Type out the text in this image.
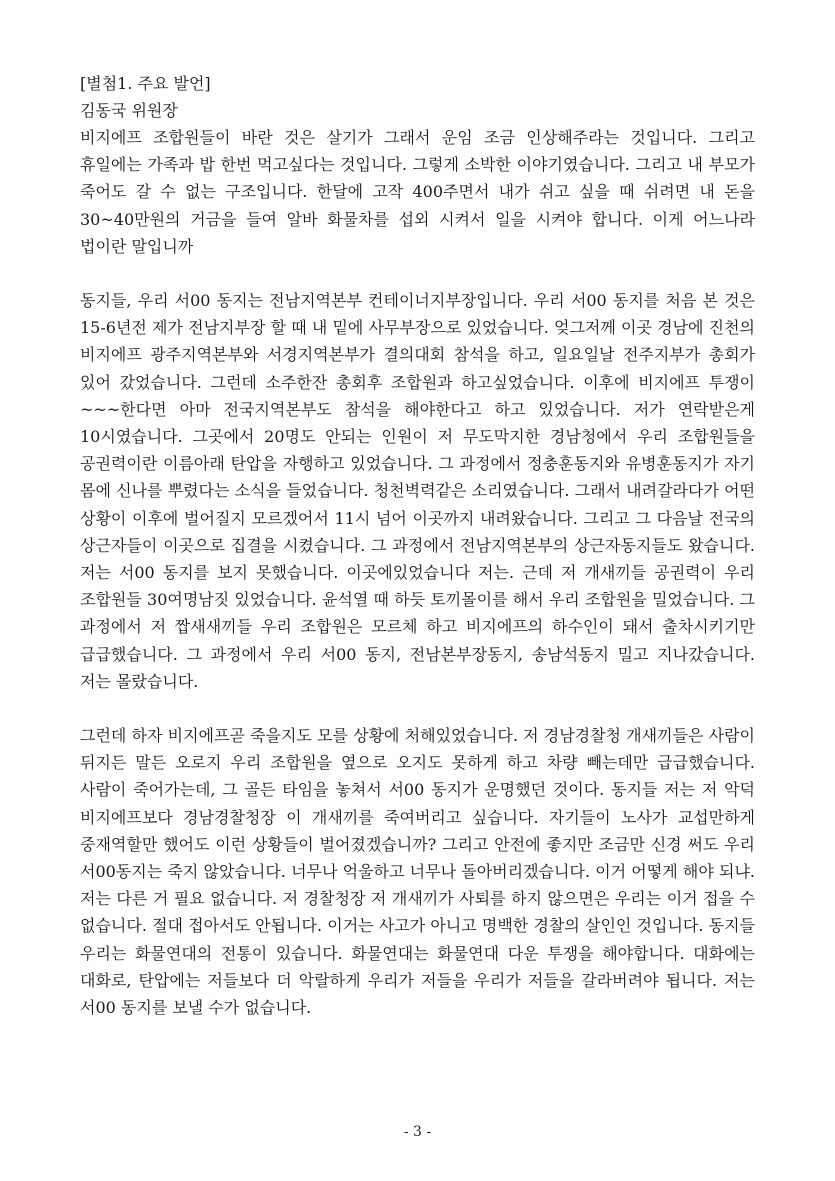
[별첨1. 주요 발언]

김동국 위원장

비지에프 조합원들이 바란 것은 살기가 그래서 운임 조금 인상해주라는 것입니다. 그리고 휴일에는 가족과 밥 한번 먹고싶다는 것입니다. 그렇게 소박한 이야기였습니다. 그리고 내 부모가 죽어도 갈 수 없는 구조입니다. 한달에 고작 400주면서 내가 쉬고 싶을 때 쉬려면 내 돈을 30~40만원의 거금을 들여 알바 화물차를 섭외 시켜서 일을 시켜야 합니다. 이게 어느나라 법이란 말입니까

동지들, 우리 서00 동지는 전남지역본부 컨테이너지부장입니다. 우리 서00 동지를 처음 본 것은 15-6년전 제가 전남지부장 할 때 내 밑에 사무부장으로 있었습니다. 엊그저께 이곳 경남에 진천의 비지에프 광주지역본부와 서경지역본부가 결의대회 참석을 하고, 일요일날 전주지부가 총회가 있어 갔었습니다. 그런데 소주한잔 총회후 조합원과 하고싶었습니다. 이후에 비지에프 투쟁이 ~~~한다면 아마 전국지역본부도 참석을 해야한다고 하고 있었습니다. 저가 연락받은게 10시였습니다. 그곳에서 20명도 안되는 인원이 저 무도막지한 경남청에서 우리 조합원들을 공권력이란 이름아래 탄압을 자행하고 있었습니다. 그 과정에서 정충훈동지와 유병훈동지가 자기 몸에 신나를 뿌렸다는 소식을 들었습니다. 청천벽력같은 소리였습니다. 그래서 내려갈라다가 어떤 상황이 이후에 벌어질지 모르겠어서 11시 넘어 이곳까지 내려왔습니다. 그리고 그 다음날 전국의 상근자들이 이곳으로 집결을 시켰습니다. 그 과정에서 전남지역본부의 상근자동지들도 왔습니다. 저는 서00 동지를 보지 못했습니다. 이곳에있었습니다 저는. 근데 저 개새끼들 공권력이 우리 조합원들 30여명남짓 있었습니다. 윤석열 때 하듯 토끼몰이를 해서 우리 조합원을 밀었습니다. 그 과정에서 저 짭새새끼들 우리 조합원은 모르체 하고 비지에프의 하수인이 돼서 출차시키기만 급급했습니다. 그 과정에서 우리 서00 동지, 전남본부장동지, 송남석동지 밀고 지나갔습니다. 저는 몰랐습니다.

그런데 하자 비지에프곧 죽을지도 모를 상황에 처해있었습니다. 저 경남경찰청 개새끼들은 사람이 뒤지든 말든 오로지 우리 조합원을 옆으로 오지도 못하게 하고 차량 빼는데만 급급했습니다. 사람이 죽어가는데, 그 골든 타임을 놓쳐서 서00 동지가 운명했던 것이다. 동지들 저는 저 악덕 비지에프보다 경남경찰청장 이 개새끼를 죽여버리고 싶습니다. 자기들이 노사가 교섭만하게 중재역할만 했어도 이런 상황들이 벌어졌겠습니까? 그리고 안전에 좋지만 조금만 신경 써도 우리 서00동지는 죽지 않았습니다. 너무나 억울하고 너무나 돌아버리겠습니다. 이거 어떻게 해야 되냐. 저는 다른 거 필요 없습니다. 저 경찰청장 저 개새끼가 사퇴를 하지 않으면은 우리는 이거 접을 수 없습니다. 절대 접아서도 안됩니다. 이거는 사고가 아니고 명백한 경찰의 살인인 것입니다. 동지들 우리는 화물연대의 전통이 있습니다. 화물연대는 화물연대 다운 투쟁을 해야합니다. 대화에는 대화로, 탄압에는 저들보다 더 악랄하게 우리가 저들을 우리가 저들을 갈라버려야 됩니다. 저는 서00 동지를 보낼 수가 없습니다.

- 3 -
